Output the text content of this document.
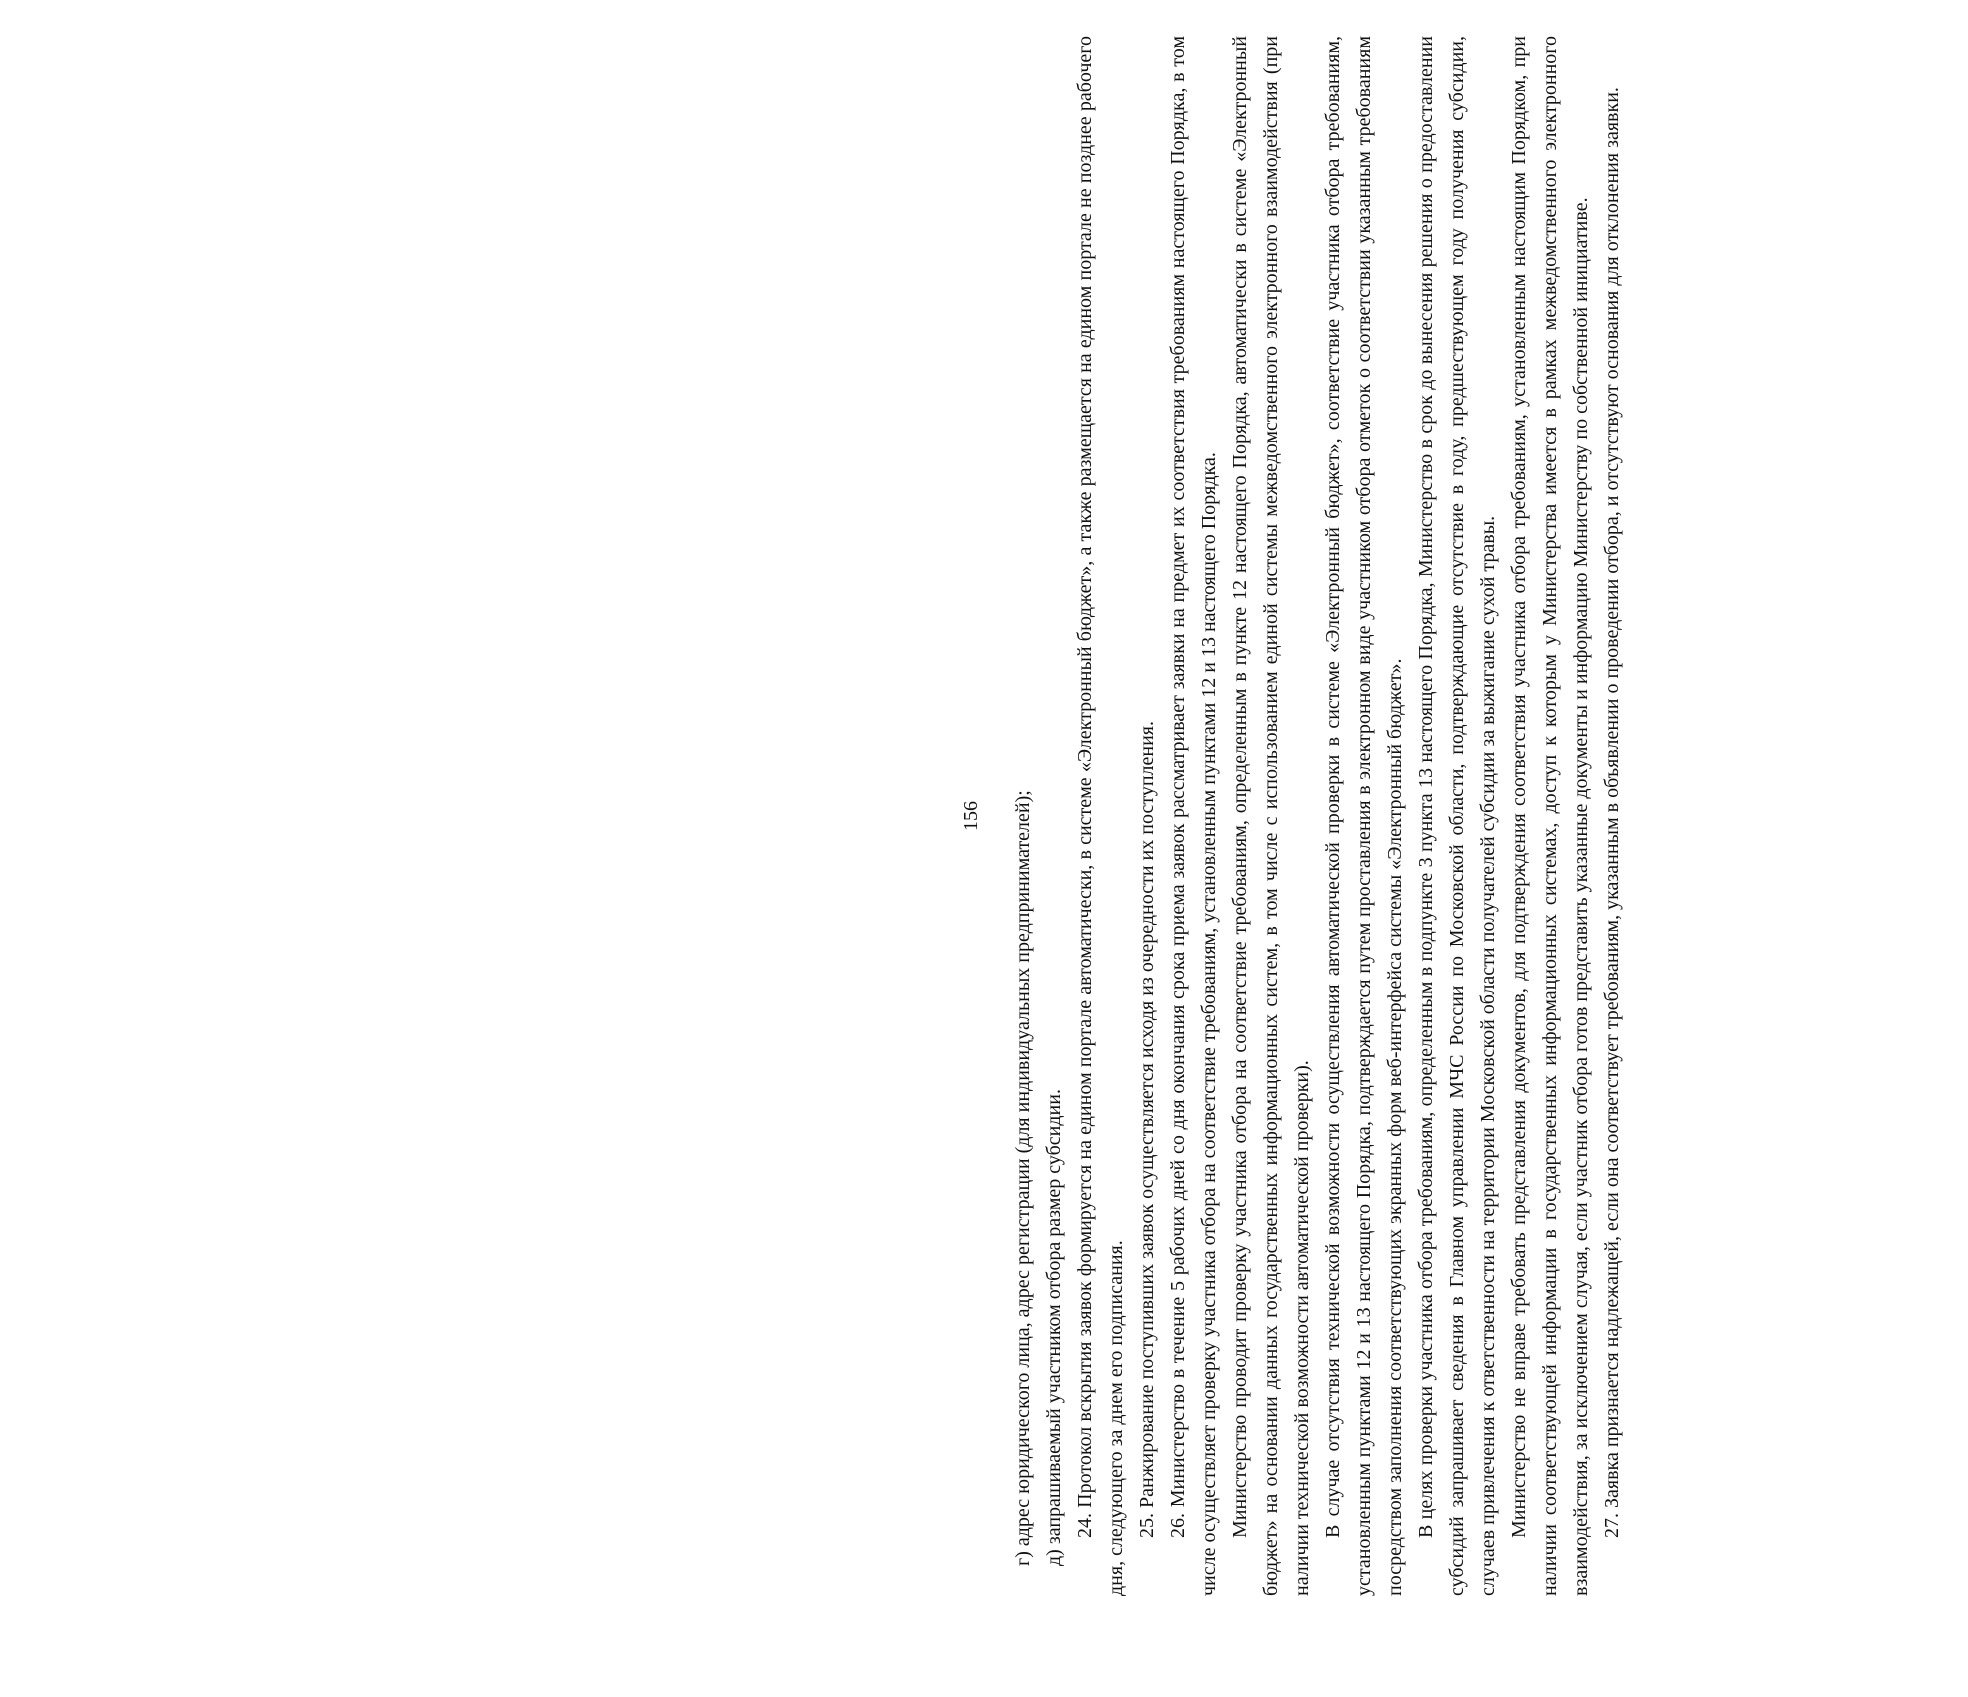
156 г) адрес юридического лица, адрес регистрации (для индивидуальных предпринимателей); д) запрашиваемый участником отбора размер субсидии. 24. Протокол вскрытия заявок формируется на едином портале автоматически, в системе «Электронный бюджет», а также размещается на едином портале не позднее рабочего дня, следующего за днем его подписания. 25. Ранжирование поступивших заявок осуществляется исходя из очередности их поступления. 26. Министерство в течение 5 рабочих дней со дня окончания срока приема заявок рассматривает заявки на предмет их соответствия требованиям настоящего Порядка, в том числе осуществляет проверку участника отбора на соответствие требованиям, установленным пунктами 12 и 13 настоящего Порядка. Министерство проводит проверку участника отбора на соответствие требованиям, определенным в пункте 12 настоящего Порядка, автоматически в системе «Электронный бюджет» на основании данных государственных информационных систем, в том числе с использованием единой системы межведомственного электронного взаимодействия (при наличии технической возможности автоматической проверки). В случае отсутствия технической возможности осуществления автоматической проверки в системе «Электронный бюджет», соответствие участника отбора требованиям, установленным пунктами 12 и 13 настоящего Порядка, подтверждается путем проставления в электронном виде участником отбора отметок о соответствии указанным требованиям посредством заполнения соответствующих экранных форм веб-интерфейса системы «Электронный бюджет». В целях проверки участника отбора требованиям, определенным в подпункте 3 пункта 13 настоящего Порядка, Министерство в срок до вынесения решения о предоставлении субсидий запрашивает сведения в Главном управлении МЧС России по Московской области, подтверждающие отсутствие в году, предшествующем году получения субсидии, случаев привлечения к ответственности на территории Московской области получателей субсидии за выжигание сухой травы. Министерство не вправе требовать представления документов, для подтверждения соответствия участника отбора требованиям, установленным настоящим Порядком, при наличии соответствующей информации в государственных информационных системах, доступ к которым у Министерства имеется в рамках межведомственного электронного взаимодействия, за исключением случая, если участник отбора готов представить указанные документы и информацию Министерству по собственной инициативе. 27. Заявка признается надлежащей, если она соответствует требованиям, указанным в объявлении о проведении отбора, и отсутствуют основания для отклонения заявки.
